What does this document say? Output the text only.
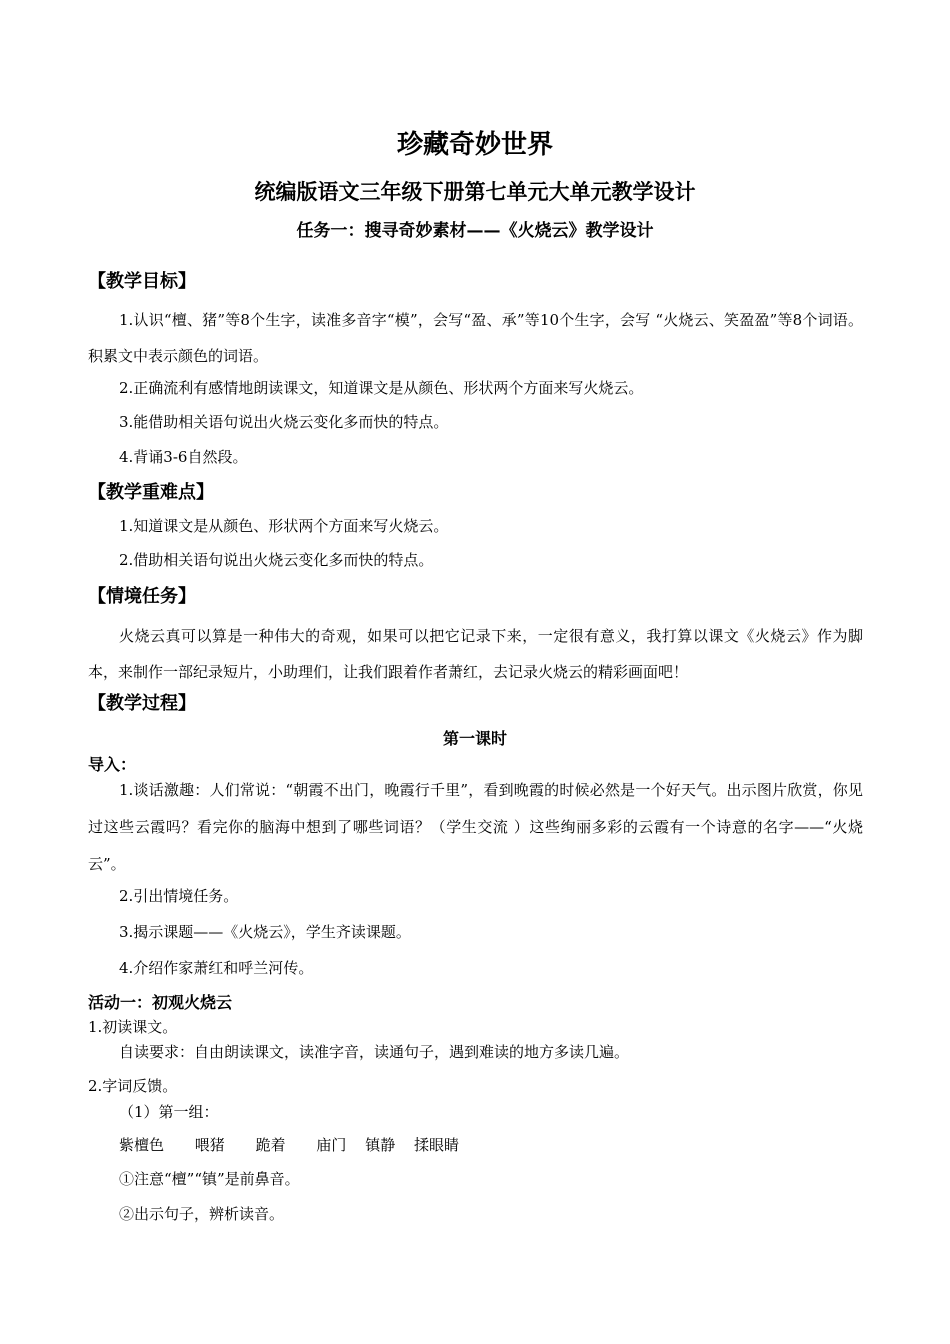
珍藏奇妙世界
统编版语文三年级下册第七单元大单元教学设计
任务一：搜寻奇妙素材——《火烧云》教学设计
【教学目标】
1.认识“檀、猪”等8个生字，读准多音字“模”，会写“盈、承”等10个生字，会写 “火烧云、笑盈盈”等8个词语。积累文中表示颜色的词语。
2.正确流利有感情地朗读课文，知道课文是从颜色、形状两个方面来写火烧云。
3.能借助相关语句说出火烧云变化多而快的特点。
4.背诵3-6自然段。
【教学重难点】
1.知道课文是从颜色、形状两个方面来写火烧云。
2.借助相关语句说出火烧云变化多而快的特点。
【情境任务】
火烧云真可以算是一种伟大的奇观，如果可以把它记录下来，一定很有意义，我打算以课文《火烧云》作为脚本，来制作一部纪录短片，小助理们，让我们跟着作者萧红，去记录火烧云的精彩画面吧！
【教学过程】
第一课时
导入：
1.谈话激趣：人们常说：“朝霞不出门，晚霞行千里”，看到晚霞的时候必然是一个好天气。出示图片欣赏，你见过这些云霞吗？看完你的脑海中想到了哪些词语？（学生交流 ）这些绚丽多彩的云霞有一个诗意的名字——“火烧云”。
2.引出情境任务。
3.揭示课题——《火烧云》，学生齐读课题。
4.介绍作家萧红和呼兰河传。
活动一：初观火烧云
1.初读课文。
自读要求：自由朗读课文，读准字音，读通句子，遇到难读的地方多读几遍。
2.字词反馈。
（1）第一组：
紫檀色 喂猪 跪着 庙门 镇静 揉眼睛
①注意“檀”“镇”是前鼻音。
②出示句子，辨析读音。
